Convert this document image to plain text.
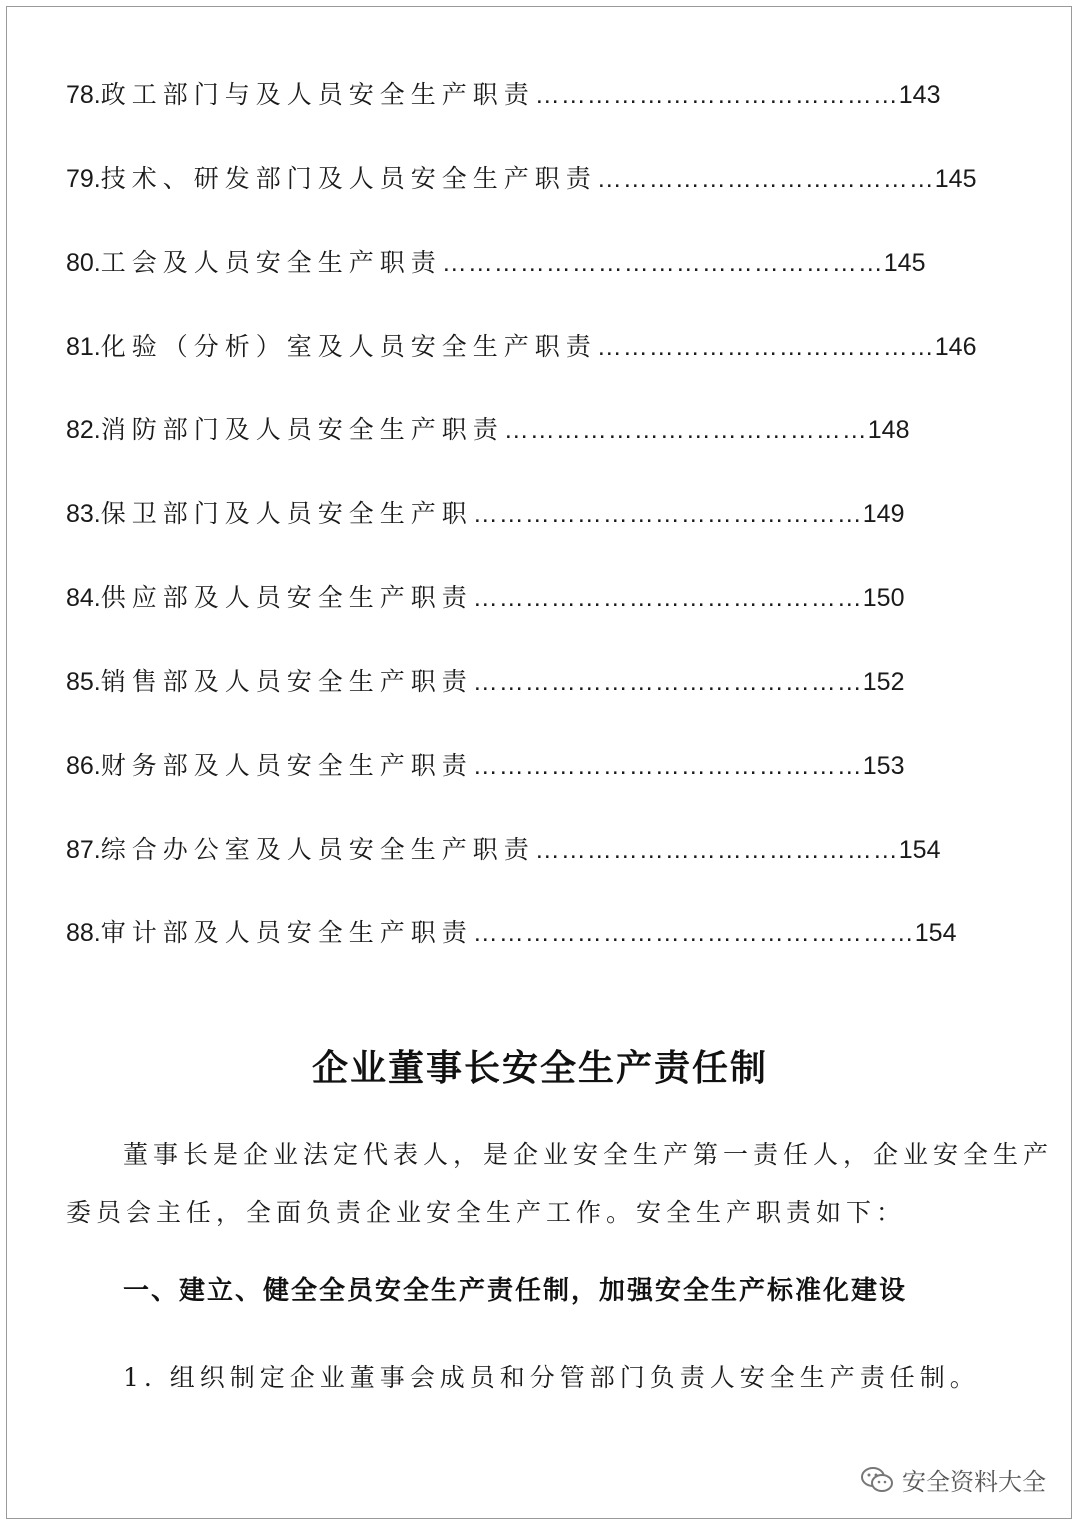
78. 政工部门与及人员安全生产职责 …………………………………… 143
79. 技术、研发部门及人员安全生产职责 ………………………………… 145
80. 工会及人员安全生产职责 …………………………………………… 145
81. 化验（分析）室及人员安全生产职责 ………………………………… 146
82. 消防部门及人员安全生产职责 …………………………………… 148
83. 保卫部门及人员安全生产职 ……………………………………… 149
84. 供应部及人员安全生产职责 ……………………………………… 150
85. 销售部及人员安全生产职责 ……………………………………… 152
86. 财务部及人员安全生产职责 ……………………………………… 153
87. 综合办公室及人员安全生产职责 …………………………………… 154
88. 审计部及人员安全生产职责 …………………………………………… 154
企业董事长安全生产责任制
董事长是企业法定代表人，是企业安全生产第一责任人，企业安全生产
委员会主任，全面负责企业安全生产工作。安全生产职责如下：
一、建立、健全全员安全生产责任制，加强安全生产标准化建设
1. 组织制定企业董事会成员和分管部门负责人安全生产责任制。
安全资料大全
